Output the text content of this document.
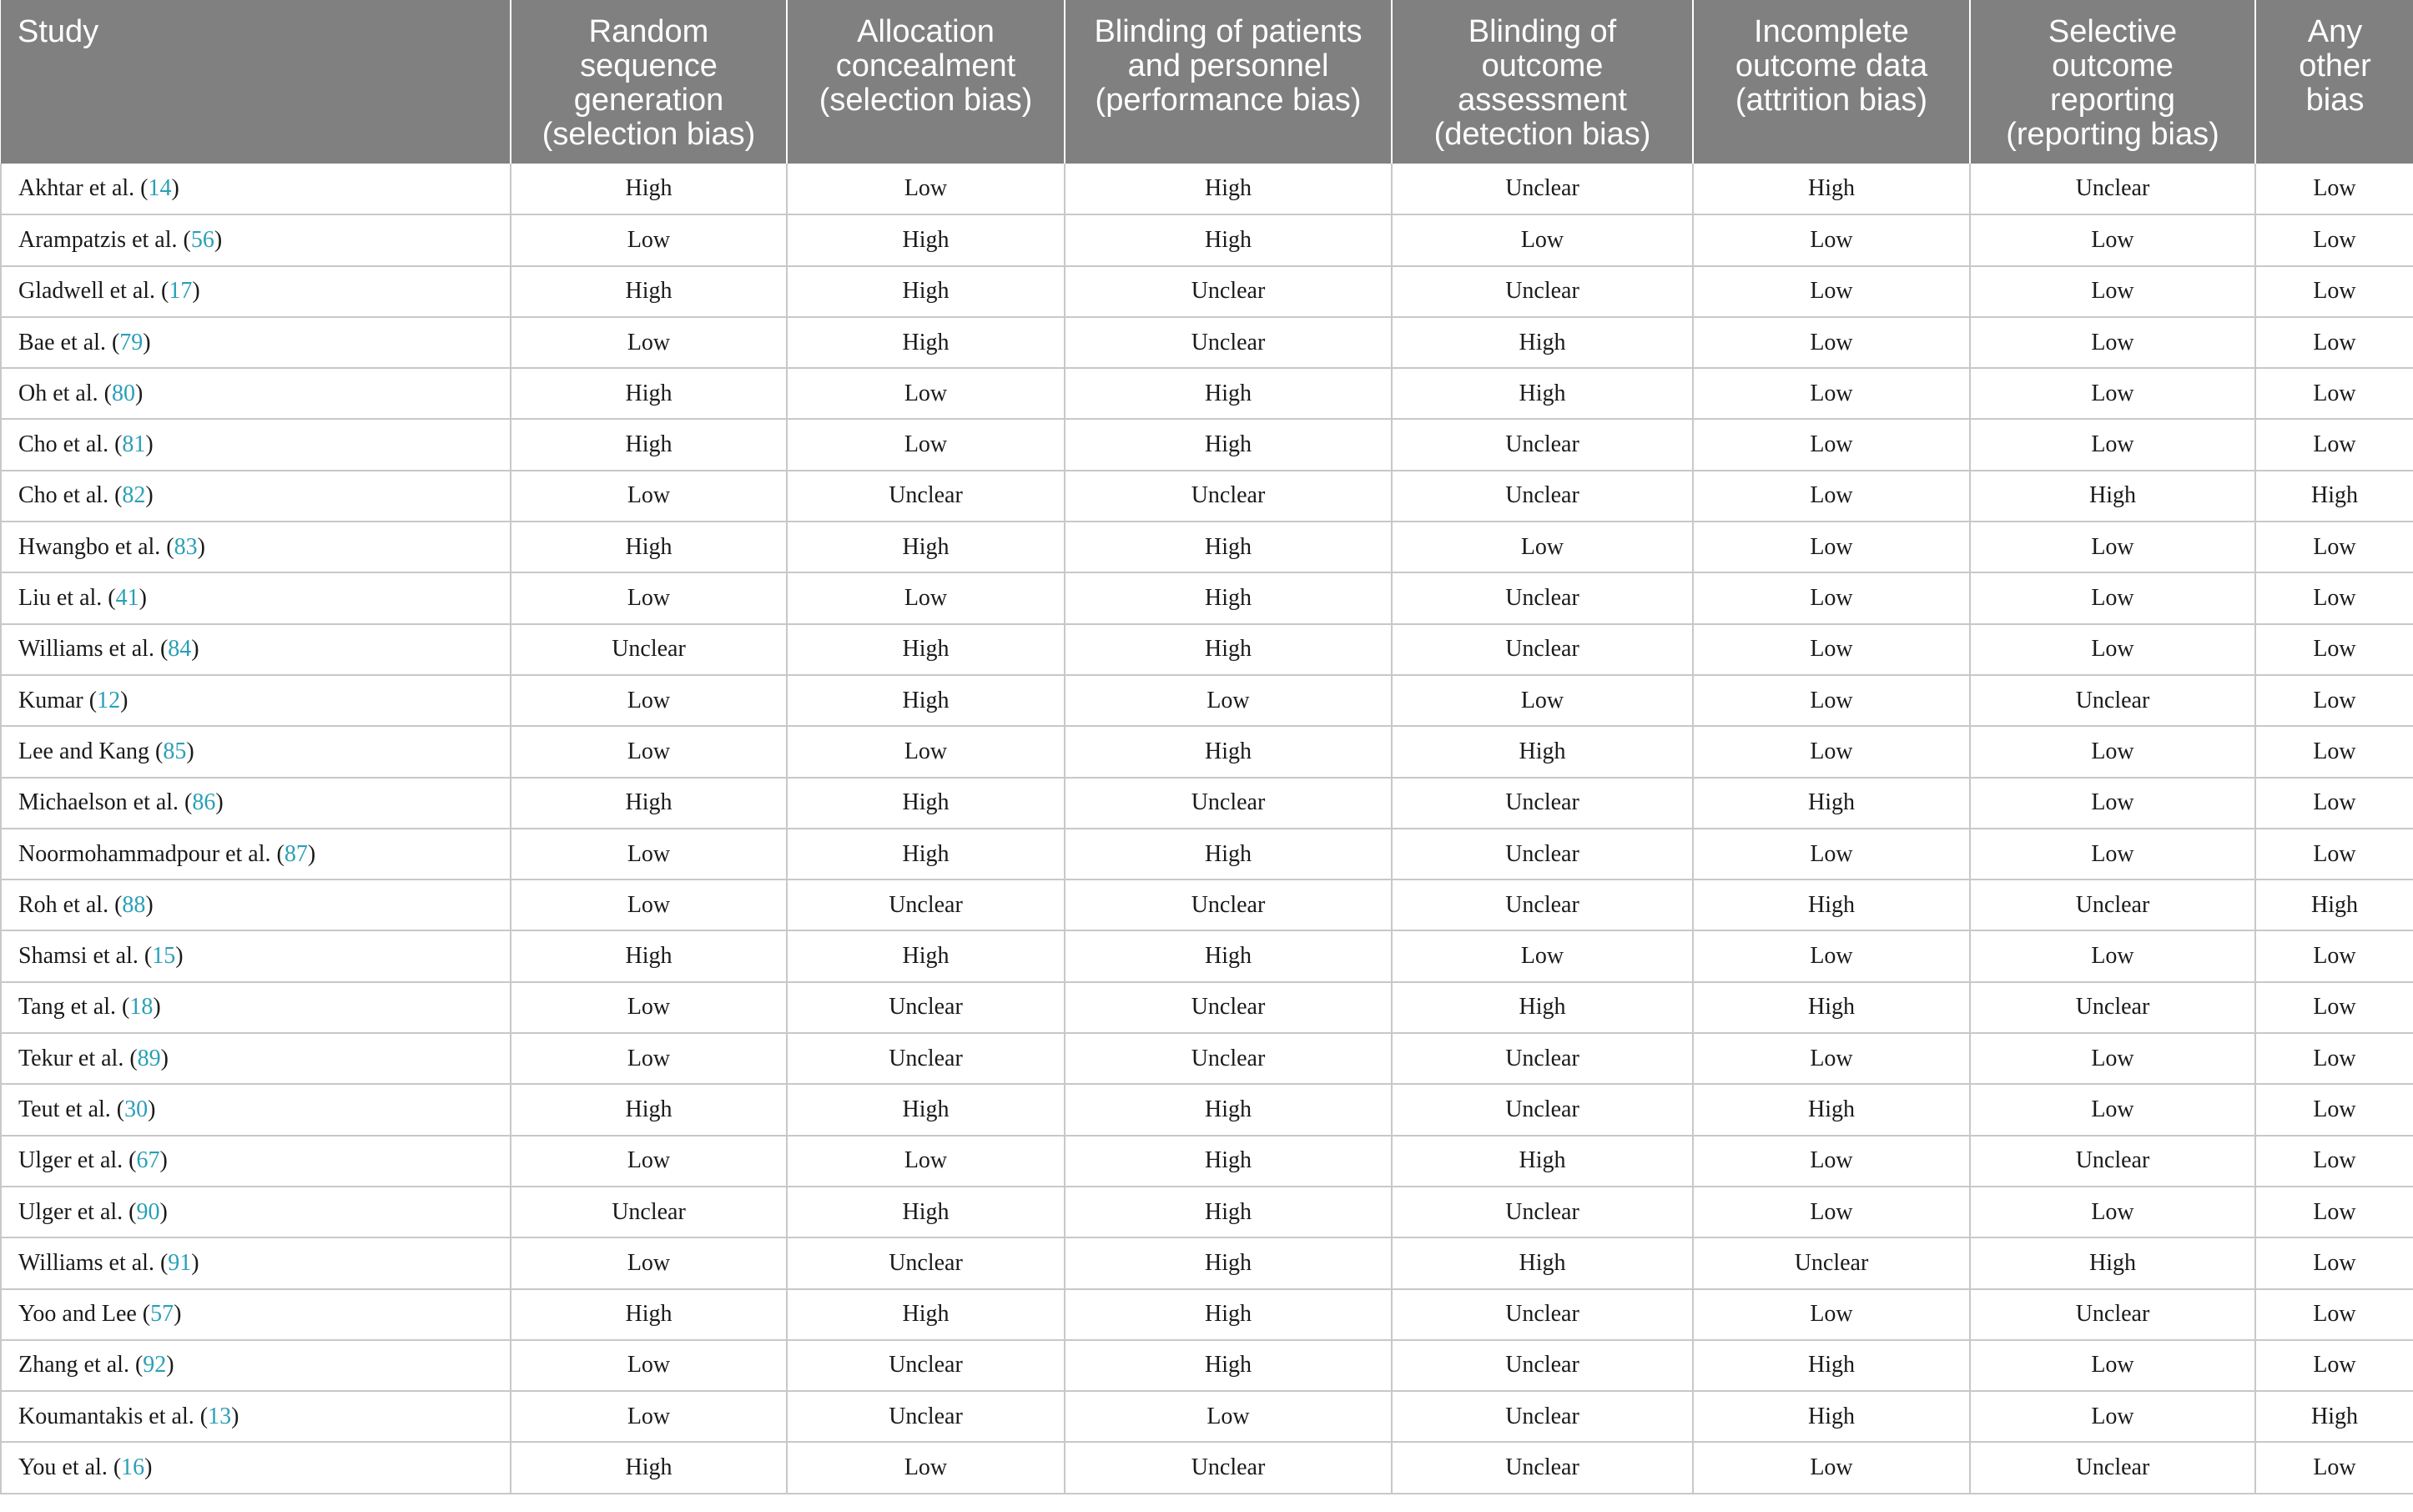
Study	Random
sequence
generation
(selection bias)	Allocation
concealment
(selection bias)	Blinding of patients
and personnel
(performance bias)	Blinding of
outcome
assessment
(detection bias)	Incomplete
outcome data
(attrition bias)	Selective
outcome
reporting
(reporting bias)	Any
other
bias
Akhtar et al. (14)	High	Low	High	Unclear	High	Unclear	Low
Arampatzis et al. (56)	Low	High	High	Low	Low	Low	Low
Gladwell et al. (17)	High	High	Unclear	Unclear	Low	Low	Low
Bae et al. (79)	Low	High	Unclear	High	Low	Low	Low
Oh et al. (80)	High	Low	High	High	Low	Low	Low
Cho et al. (81)	High	Low	High	Unclear	Low	Low	Low
Cho et al. (82)	Low	Unclear	Unclear	Unclear	Low	High	High
Hwangbo et al. (83)	High	High	High	Low	Low	Low	Low
Liu et al. (41)	Low	Low	High	Unclear	Low	Low	Low
Williams et al. (84)	Unclear	High	High	Unclear	Low	Low	Low
Kumar (12)	Low	High	Low	Low	Low	Unclear	Low
Lee and Kang (85)	Low	Low	High	High	Low	Low	Low
Michaelson et al. (86)	High	High	Unclear	Unclear	High	Low	Low
Noormohammadpour et al. (87)	Low	High	High	Unclear	Low	Low	Low
Roh et al. (88)	Low	Unclear	Unclear	Unclear	High	Unclear	High
Shamsi et al. (15)	High	High	High	Low	Low	Low	Low
Tang et al. (18)	Low	Unclear	Unclear	High	High	Unclear	Low
Tekur et al. (89)	Low	Unclear	Unclear	Unclear	Low	Low	Low
Teut et al. (30)	High	High	High	Unclear	High	Low	Low
Ulger et al. (67)	Low	Low	High	High	Low	Unclear	Low
Ulger et al. (90)	Unclear	High	High	Unclear	Low	Low	Low
Williams et al. (91)	Low	Unclear	High	High	Unclear	High	Low
Yoo and Lee (57)	High	High	High	Unclear	Low	Unclear	Low
Zhang et al. (92)	Low	Unclear	High	Unclear	High	Low	Low
Koumantakis et al. (13)	Low	Unclear	Low	Unclear	High	Low	High
You et al. (16)	High	Low	Unclear	Unclear	Low	Unclear	Low
